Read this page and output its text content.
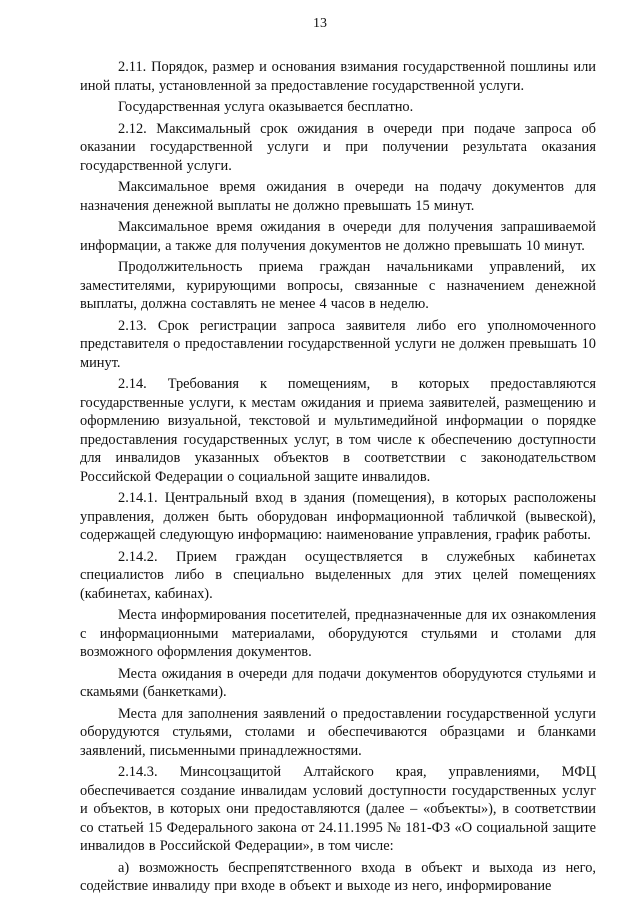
13

2.11. Порядок, размер и основания взимания государственной пошлины или иной платы, установленной за предоставление государственной услуги.

Государственная услуга оказывается бесплатно.

2.12. Максимальный срок ожидания в очереди при подаче запроса об оказании государственной услуги и при получении результата оказания государственной услуги.

Максимальное время ожидания в очереди на подачу документов для назначения денежной выплаты не должно превышать 15 минут.

Максимальное время ожидания в очереди для получения запрашиваемой информации, а также для получения документов не должно превышать 10 минут.

Продолжительность приема граждан начальниками управлений, их заместителями, курирующими вопросы, связанные с назначением денежной выплаты, должна составлять не менее 4 часов в неделю.

2.13. Срок регистрации запроса заявителя либо его уполномоченного представителя о предоставлении государственной услуги не должен превышать 10 минут.

2.14. Требования к помещениям, в которых предоставляются государственные услуги, к местам ожидания и приема заявителей, размещению и оформлению визуальной, текстовой и мультимедийной информации о порядке предоставления государственных услуг, в том числе к обеспечению доступности для инвалидов указанных объектов в соответствии с законодательством Российской Федерации о социальной защите инвалидов.

2.14.1. Центральный вход в здания (помещения), в которых расположены управления, должен быть оборудован информационной табличкой (вывеской), содержащей следующую информацию: наименование управления, график работы.

2.14.2. Прием граждан осуществляется в служебных кабинетах специалистов либо в специально выделенных для этих целей помещениях (кабинетах, кабинах).

Места информирования посетителей, предназначенные для их ознакомления с информационными материалами, оборудуются стульями и столами для возможного оформления документов.

Места ожидания в очереди для подачи документов оборудуются стульями и скамьями (банкетками).

Места для заполнения заявлений о предоставлении государственной услуги оборудуются стульями, столами и обеспечиваются образцами и бланками заявлений, письменными принадлежностями.

2.14.3. Минсоцзащитой Алтайского края, управлениями, МФЦ обеспечивается создание инвалидам условий доступности государственных услуг и объектов, в которых они предоставляются (далее – «объекты»), в соответствии со статьей 15 Федерального закона от 24.11.1995 № 181-ФЗ «О социальной защите инвалидов в Российской Федерации», в том числе:

а) возможность беспрепятственного входа в объект и выхода из него, содействие инвалиду при входе в объект и выходе из него, информирование
